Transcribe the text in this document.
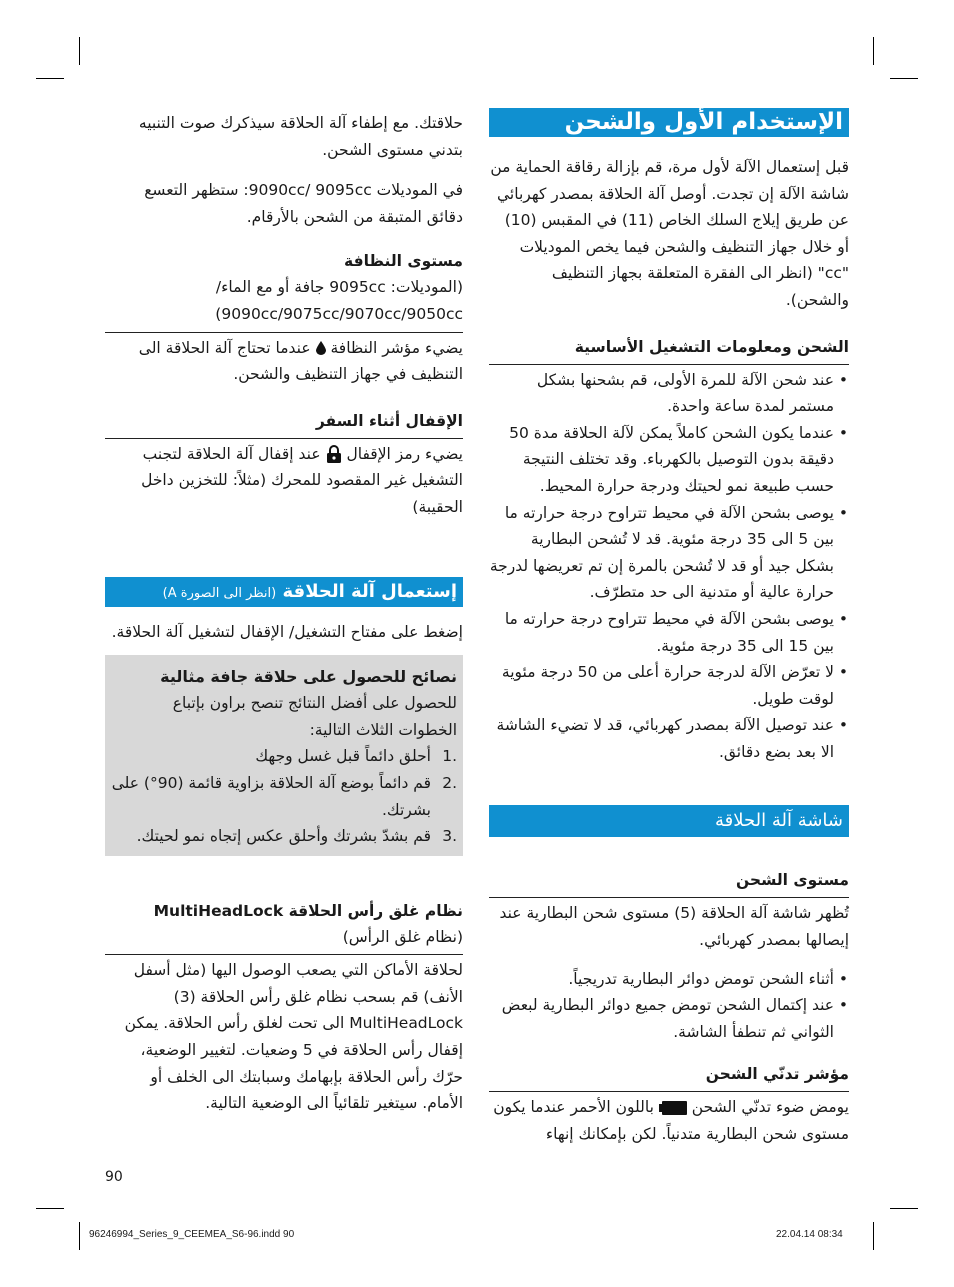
الإستخدام الأول والشحن

قبل إستعمال الآلة لأول مرة، قم بإزالة رقاقة الحماية من شاشة الآلة إن تجدت. أوصل آلة الحلاقة بمصدر كهربائي عن طريق إيلاج السلك الخاص (11) في المقبس (10) أو خلال جهاز التنظيف والشحن فيما يخص الموديلات "cc" (انظر الى الفقرة المتعلقة بجهاز التنظيف والشحن).

الشحن ومعلومات التشغيل الأساسية

• عند شحن الآلة للمرة الأولى، قم بشحنها بشكل مستمر لمدة ساعة واحدة.
• عندما يكون الشحن كاملاً يمكن لآلة الحلاقة مدة 50 دقيقة بدون التوصيل بالكهرباء. وقد تختلف النتيجة حسب طبيعة نمو لحيتك ودرجة حرارة المحيط.
• يوصى بشحن الآلة في محيط تتراوح درجة حرارته ما بين 5 الى 35 درجة مئوية. قد لا تُشحن البطارية بشكل جيد أو قد لا تُشحن بالمرة إن تم تعريضها لدرجة حرارة عالية أو متدنية الى حد متطرّف.
• يوصى بشحن الآلة في محيط تتراوح درجة حرارته ما بين 15 الى 35 درجة مئوية.
• لا تعرّض الآلة لدرجة حرارة أعلى من 50 درجة مئوية لوقت طويل.
• عند توصيل الآلة بمصدر كهربائي، قد لا تضيء الشاشة الا بعد بضع دقائق.
شاشة آلة الحلاقة

مستوى الشحن

تُظهر شاشة آلة الحلاقة (5) مستوى شحن البطارية عند إيصالها بمصدر كهربائي.

• أثناء الشحن تومض دوائر البطارية تدريجياً.
• عند إكتمال الشحن تومض جميع دوائر البطارية لبعض الثواني ثم تنطفأ الشاشة.

مؤشر تدنّي الشحن

يومض ضوء تدنّي الشحن  باللون الأحمر عندما يكون مستوى شحن البطارية متدنياً. لكن بإمكانك إنهاء

حلاقتك. مع إطفاء آلة الحلاقة سيذكرك صوت التنبيه بتدني مستوى الشحن.

في الموديلات 9090cc/ 9095cc: ستظهر التعسع دقائق المتبقة من الشحن بالأرقام.

مستوى النظافة

(الموديلات: 9095cc جافة أو مع الماء/

9090cc/9075cc/9070cc/9050cc)

يضيء مؤشر النظافة  عندما تحتاج آلة الحلاقة الى التنظيف في جهاز التنظيف والشحن.

الإقفال أثناء السفر

يضيء رمز الإقفال  عند إقفال آلة الحلاقة لتجنب التشغيل غير المقصود للمحرك (مثلاً: للتخزين داخل الحقيبة)

إستعمال آلة الحلاقة (انظر الى الصورة A)

إضغط على مفتاح التشغيل/ الإقفال لتشغيل آلة الحلاقة.

نصائح للحصول على حلاقة جافة مثالية

للحصول على أفضل النتائج تنصح براون بإتباع الخطوات الثلاث التالية:

1.
أحلق دائماً قبل غسل وجهك
2.
قم دائماً بوضع آلة الحلاقة بزاوية قائمة (90°) على بشرتك.
3.
قم بشدّ بشرتك وأحلق عكس إتجاه نمو لحيتك.

نظام غلق رأس الحلاقة MultiHeadLock

(نظام غلق الرأس)

لحلاقة الأماكن التي يصعب الوصول اليها (مثل أسفل الأنف) قم بسحب نظام غلق رأس الحلاقة (3) MultiHeadLock الى تحت لغلق رأس الحلاقة. يمكن إقفال رأس الحلاقة في 5 وضعيات. لتغيير الوضعية، حرّك رأس الحلاقة بإبهامك وسبابتك الى الخلف أو الأمام. سيتغير تلقائياً الى الوضعية التالية.

90
96246994_Series_9_CEEMEA_S6-96.indd 90	22.04.14 08:34
